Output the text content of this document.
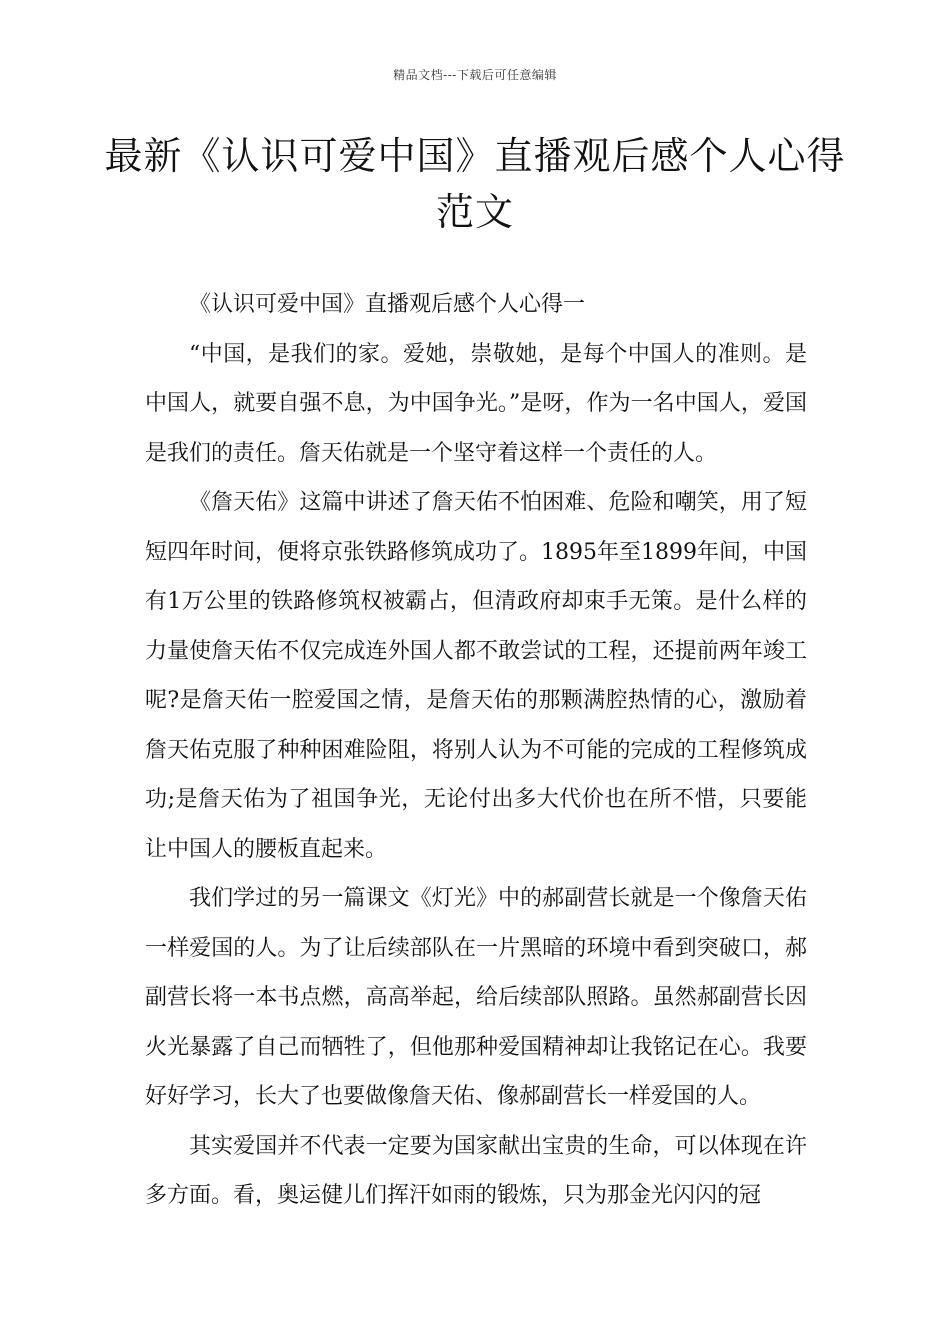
精品文档---下载后可任意编辑
最新《认识可爱中国》直播观后感个人心得范文

《认识可爱中国》直播观后感个人心得一

“中国，是我们的家。爱她，崇敬她，是每个中国人的准则。是中国人，就要自强不息，为中国争光。”是呀，作为一名中国人，爱国是我们的责任。詹天佑就是一个坚守着这样一个责任的人。

《詹天佑》这篇中讲述了詹天佑不怕困难、危险和嘲笑，用了短短四年时间，便将京张铁路修筑成功了。1895年至1899年间，中国有1万公里的铁路修筑权被霸占，但清政府却束手无策。是什么样的力量使詹天佑不仅完成连外国人都不敢尝试的工程，还提前两年竣工呢?是詹天佑一腔爱国之情，是詹天佑的那颗满腔热情的心，激励着詹天佑克服了种种困难险阻，将别人认为不可能的完成的工程修筑成功;是詹天佑为了祖国争光，无论付出多大代价也在所不惜，只要能让中国人的腰板直起来。

我们学过的另一篇课文《灯光》中的郝副营长就是一个像詹天佑一样爱国的人。为了让后续部队在一片黑暗的环境中看到突破口，郝副营长将一本书点燃，高高举起，给后续部队照路。虽然郝副营长因火光暴露了自己而牺牲了，但他那种爱国精神却让我铭记在心。我要好好学习，长大了也要做像詹天佑、像郝副营长一样爱国的人。

其实爱国并不代表一定要为国家献出宝贵的生命，可以体现在许多方面。看，奥运健儿们挥汗如雨的锻炼，只为那金光闪闪的冠
